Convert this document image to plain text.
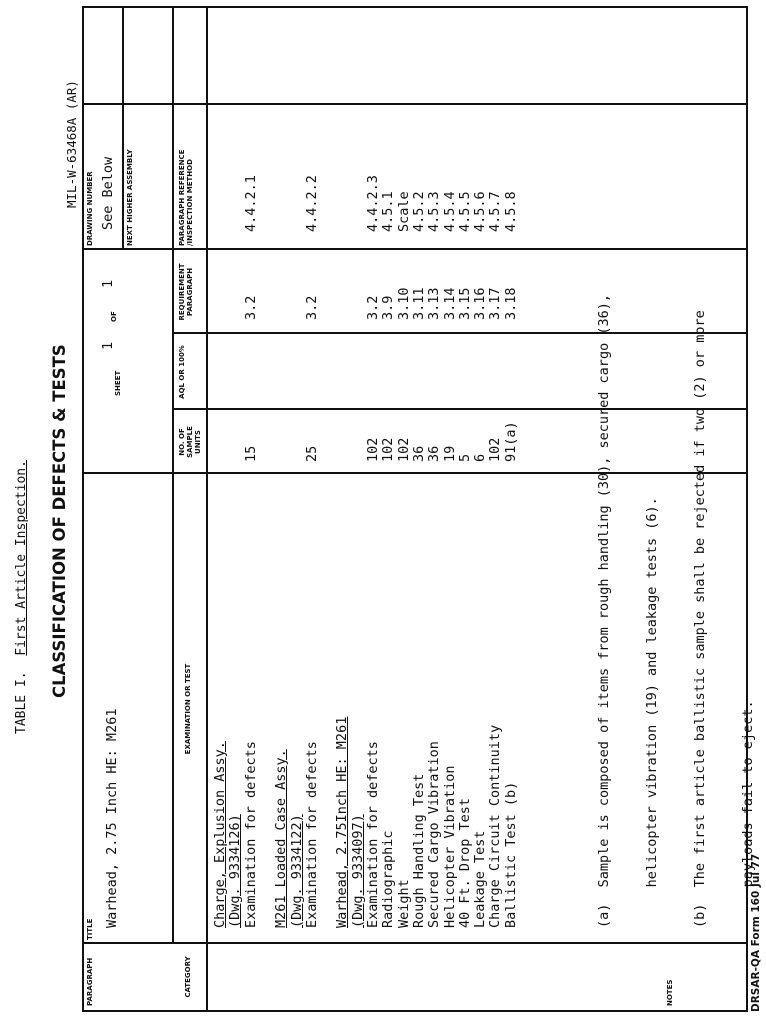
TABLE I.  First Article Inspection. CLASSIFICATION OF DEFECTS & TESTS
MIL-W-63468A (AR)
PARAGRAPH
TITLE
Warhead, 2.75 Inch HE: M261
SHEET
1
OF
1
DRAWING NUMBER See Below NEXT HIGHER ASSEMBLY
CATEGORY
EXAMINATION OR TEST
NO. OF SAMPLE UNITS
AQL OR 100%
REQUIREMENT PARAGRAPH
PARAGRAPH REFERENCE /INSPECTION METHOD
Charge, Explusion Assy. (Dwg. 9334126) Examination for defects
15
3.2
4.4.2.1
M261 Loaded Case Assy. (Dwg. 9334122) Examination for defects
25
3.2
4.4.2.2
Warhead, 2.75Inch HE: M261 (Dwg. 9334097) Examination for defects
102
3.2
4.4.2.3
Radiographic
102
3.9
4.5.1
Weight
102
3.10
Scale
Rough Handling Test
36
3.11
4.5.2
Secured Cargo Vibration
36
3.13
4.5.3
Helicopter Vibration
19
3.14
4.5.4
40 Ft. Drop Test
5
3.15
4.5.5
Leakage Test
6
3.16
4.5.6
Charge Circuit Continuity
102
3.17
4.5.7
Ballistic Test (b)
91(a)
3.18
4.5.8

(a)  Sample is composed of items from rough handling (30), secured cargo (36),

helicopter vibration (19) and leakage tests (6).

(b)  The first article ballistic sample shall be rejected if two (2) or more

payloads fail to eject.

NOTES	DRSAR-QA Form 160 Jul 77
